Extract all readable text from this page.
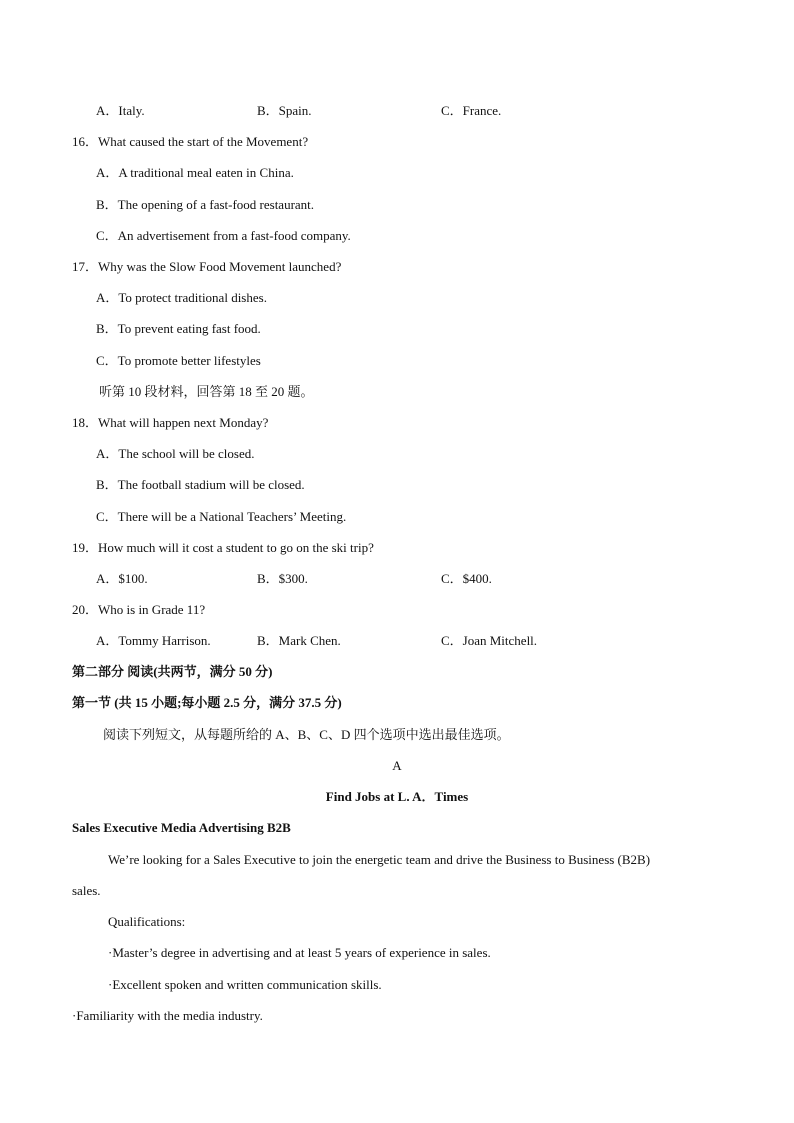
A．Italy.	B．Spain.	C．France.
16．What caused the start of the Movement?
A．A traditional meal eaten in China.
B．The opening of a fast-food restaurant.
C．An advertisement from a fast-food company.
17．Why was the Slow Food Movement launched?
A．To protect traditional dishes.
B．To prevent eating fast food.
C．To promote better lifestyles
听第 10 段材料，回答第 18 至 20 题。
18．What will happen next Monday?
A．The school will be closed.
B．The football stadium will be closed.
C．There will be a National Teachers’ Meeting.
19．How much will it cost a student to go on the ski trip?
A．$100.	B．$300.	C．$400.
20．Who is in Grade 11?
A．Tommy Harrison.	B．Mark Chen.	C．Joan Mitchell.
第二部分 阅读(共两节，满分 50 分)
第一节 (共 15 小题;每小题 2.5 分，满分 37.5 分)
阅读下列短文，从每题所给的 A、B、C、D 四个选项中选出最佳选项。
A
Find Jobs at L. A．Times
Sales Executive Media Advertising B2B
We’re looking for a Sales Executive to join the energetic team and drive the Business to Business (B2B)
sales.
Qualifications:
·Master’s degree in advertising and at least 5 years of experience in sales.
·Excellent spoken and written communication skills.
·Familiarity with the media industry.
